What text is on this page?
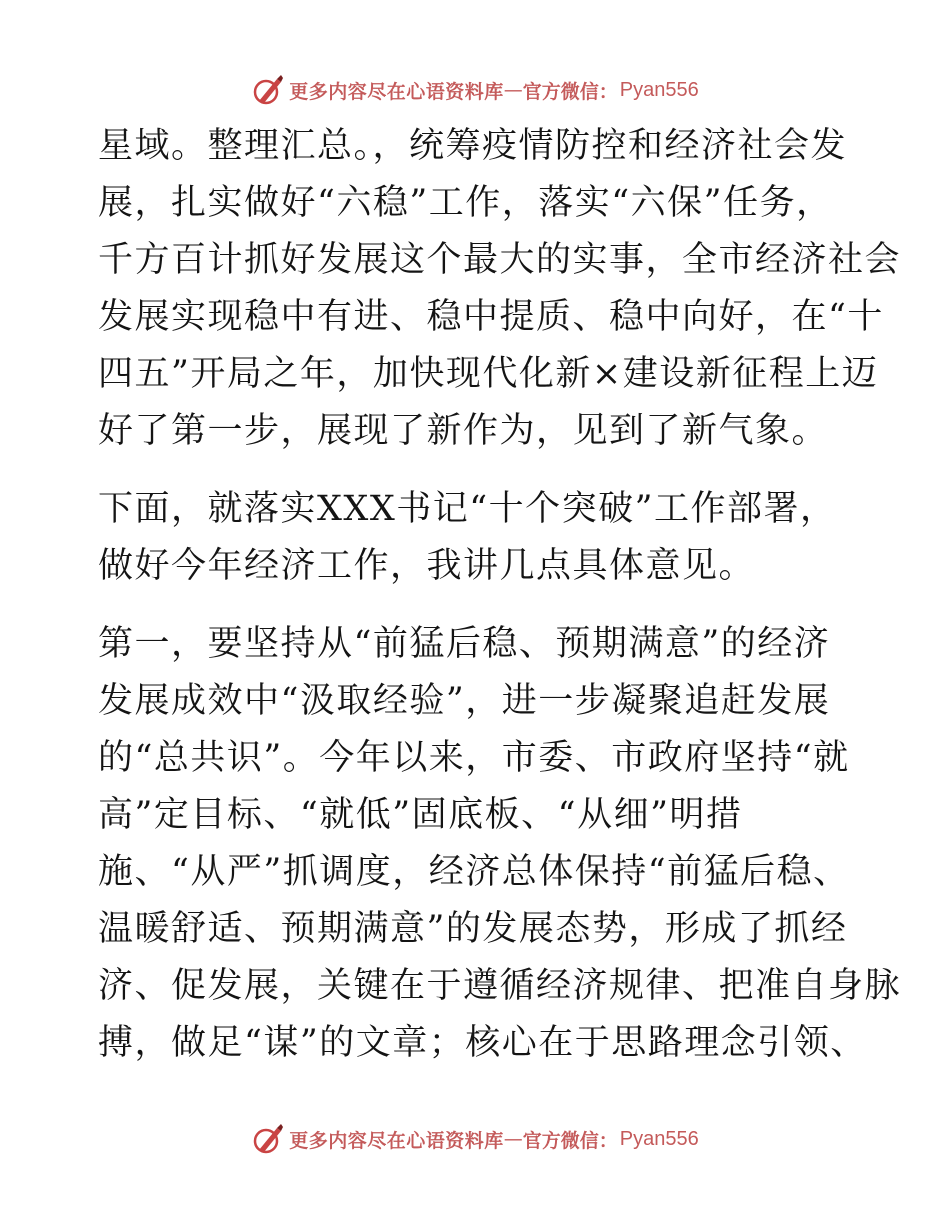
更多内容尽在心语资料库 — 官方微信： Pyan556
星域。整理汇总。，统筹疫情防控和经济社会发
展，扎实做好“六稳”工作，落实“六保”任务，
千方百计抓好发展这个最大的实事，全市经济社会
发展实现稳中有进、稳中提质、稳中向好，在“十
四五”开局之年，加快现代化新×建设新征程上迈
好了第一步，展现了新作为，见到了新气象。
下面，就落实XXX书记“十个突破”工作部署，
做好今年经济工作，我讲几点具体意见。
第一，要坚持从“前猛后稳、预期满意”的经济
发展成效中“汲取经验”，进一步凝聚追赶发展
的“总共识”。今年以来，市委、市政府坚持“就
高”定目标、“就低”固底板、“从细”明措
施、“从严”抓调度，经济总体保持“前猛后稳、
温暖舒适、预期满意”的发展态势，形成了抓经
济、促发展，关键在于遵循经济规律、把准自身脉
搏，做足“谋”的文章；核心在于思路理念引领、
更多内容尽在心语资料库 — 官方微信： Pyan556
